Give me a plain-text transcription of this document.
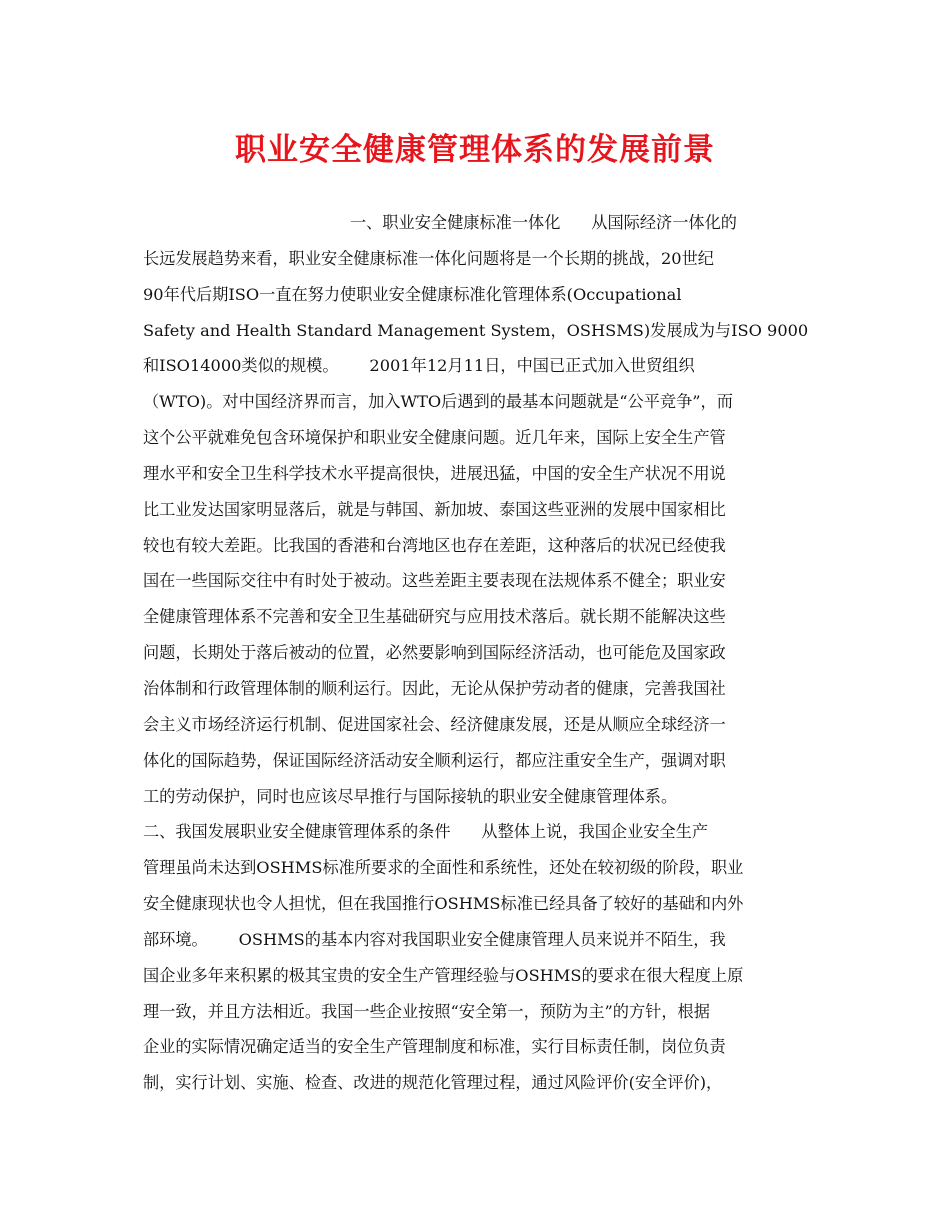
职业安全健康管理体系的发展前景
一、职业安全健康标准一体化      从国际经济一体化的
长远发展趋势来看，职业安全健康标准一体化问题将是一个长期的挑战，20世纪
90年代后期ISO一直在努力使职业安全健康标准化管理体系(Occupational
Safety and Health Standard Management System，OSHSMS)发展成为与ISO 9000
和ISO14000类似的规模。      2001年12月11日，中国已正式加入世贸组织
（WTO)。对中国经济界而言，加入WTO后遇到的最基本问题就是“公平竞争”，而
这个公平就难免包含环境保护和职业安全健康问题。近几年来，国际上安全生产管
理水平和安全卫生科学技术水平提高很快，进展迅猛，中国的安全生产状况不用说
比工业发达国家明显落后，就是与韩国、新加坡、泰国这些亚洲的发展中国家相比
较也有较大差距。比我国的香港和台湾地区也存在差距，这种落后的状况已经使我
国在一些国际交往中有时处于被动。这些差距主要表现在法规体系不健全；职业安
全健康管理体系不完善和安全卫生基础研究与应用技术落后。就长期不能解决这些
问题，长期处于落后被动的位置，必然要影响到国际经济活动，也可能危及国家政
治体制和行政管理体制的顺利运行。因此，无论从保护劳动者的健康，完善我国社
会主义市场经济运行机制、促进国家社会、经济健康发展，还是从顺应全球经济一
体化的国际趋势，保证国际经济活动安全顺利运行，都应注重安全生产，强调对职
工的劳动保护，同时也应该尽早推行与国际接轨的职业安全健康管理体系。
二、我国发展职业安全健康管理体系的条件      从整体上说，我国企业安全生产
管理虽尚未达到OSHMS标准所要求的全面性和系统性，还处在较初级的阶段，职业
安全健康现状也令人担忧，但在我国推行OSHMS标准已经具备了较好的基础和内外
部环境。      OSHMS的基本内容对我国职业安全健康管理人员来说并不陌生，我
国企业多年来积累的极其宝贵的安全生产管理经验与OSHMS的要求在很大程度上原
理一致，并且方法相近。我国一些企业按照“安全第一，预防为主”的方针，根据
企业的实际情况确定适当的安全生产管理制度和标准，实行目标责任制，岗位负责
制，实行计划、实施、检查、改进的规范化管理过程，通过风险评价(安全评价)，
